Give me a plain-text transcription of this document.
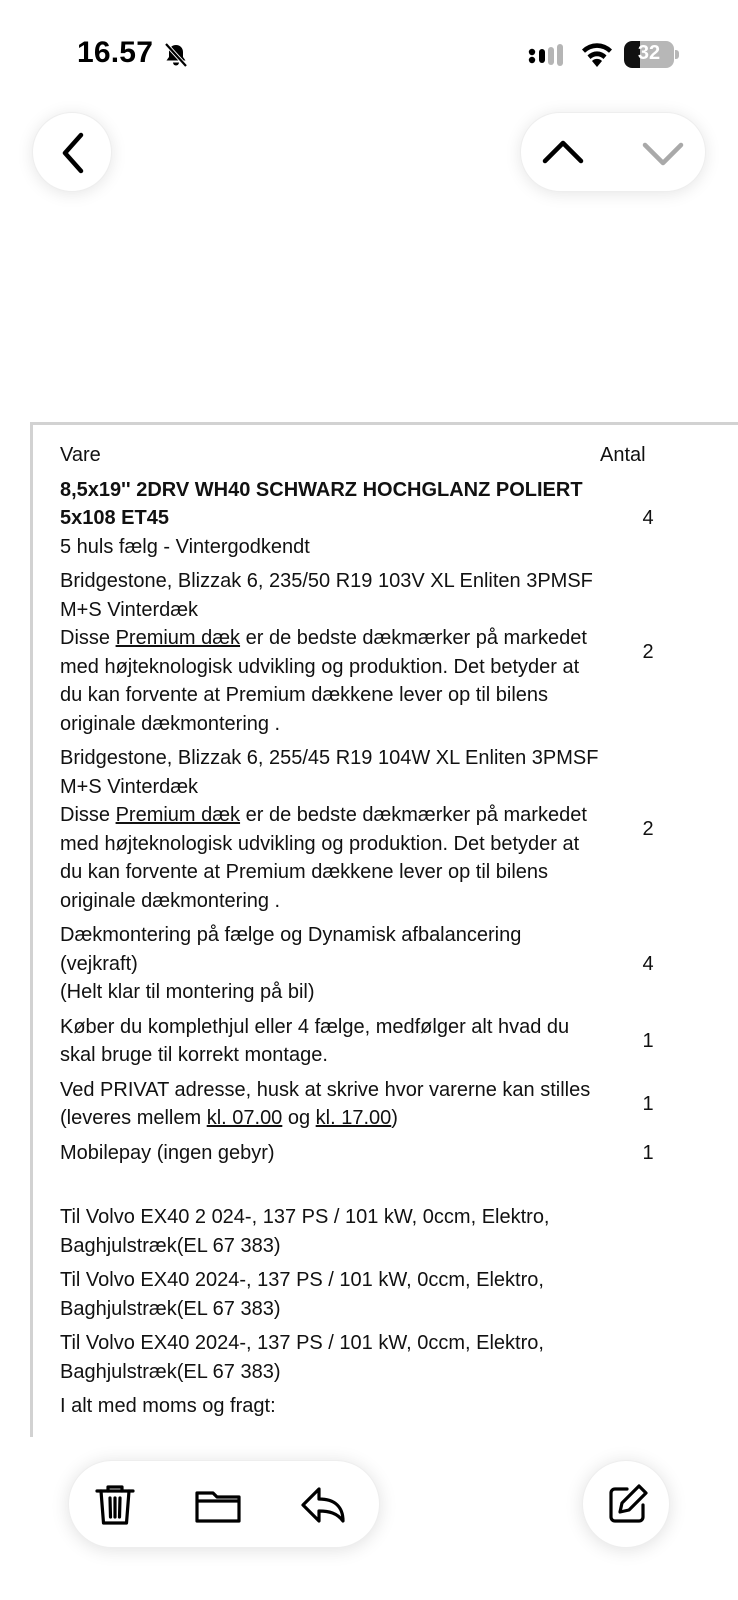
16.57	32
Vare	Antal

8,5x19'' 2DRV WH40 SCHWARZ HOCHGLANZ POLIERT 5x108 ET45
5 huls fælg - Vintergodkendt	4

Bridgestone, Blizzak 6, 235/50 R19 103V XL Enliten 3PMSF M+S Vinterdæk
Disse Premium dæk er de bedste dækmærker på markedet med højteknologisk udvikling og produktion. Det betyder at du kan forvente at Premium dækkene lever op til bilens originale dækmontering .	2

Bridgestone, Blizzak 6, 255/45 R19 104W XL Enliten 3PMSF M+S Vinterdæk
Disse Premium dæk er de bedste dækmærker på markedet med højteknologisk udvikling og produktion. Det betyder at du kan forvente at Premium dækkene lever op til bilens originale dækmontering .	2

Dækmontering på fælge og Dynamisk afbalancering (vejkraft)
(Helt klar til montering på bil)	4

Køber du komplethjul eller 4 fælge, medfølger alt hvad du skal bruge til korrekt montage.	1

Ved PRIVAT adresse, husk at skrive hvor varerne kan stilles
(leveres mellem kl. 07.00 og kl. 17.00)	1

Mobilepay (ingen gebyr)	1

Til Volvo EX40 2 024-, 137 PS / 101 kW, 0ccm, Elektro, Baghjulstræk(EL 67 383)	
Til Volvo EX40 2024-, 137 PS / 101 kW, 0ccm, Elektro, Baghjulstræk(EL 67 383)	
Til Volvo EX40 2024-, 137 PS / 101 kW, 0ccm, Elektro, Baghjulstræk(EL 67 383)	
I alt med moms og fragt:	
